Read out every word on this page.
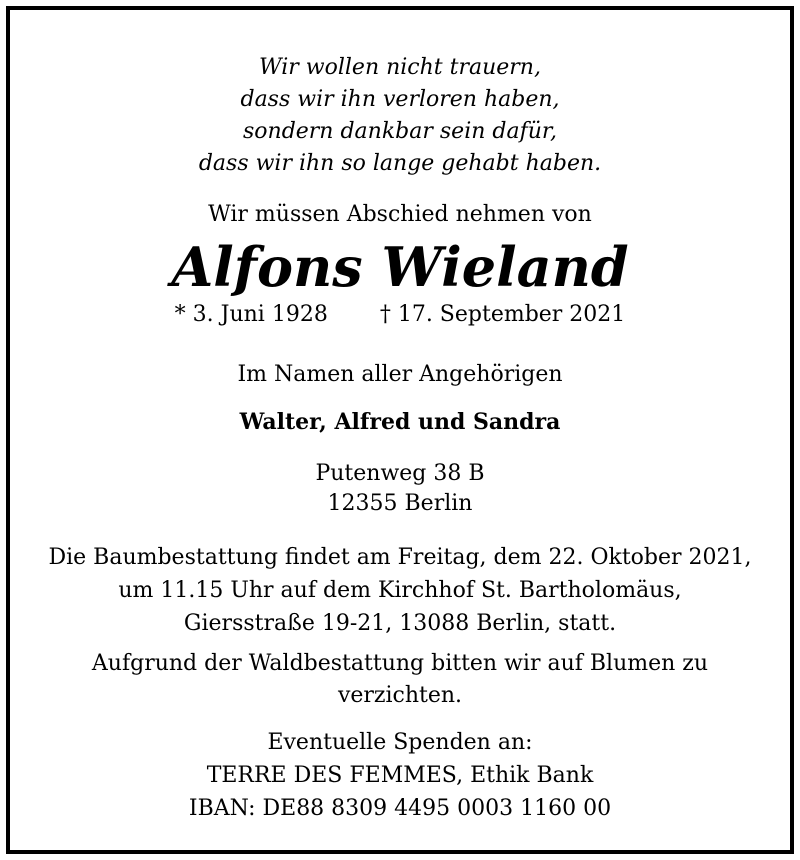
Wir wollen nicht trauern,
dass wir ihn verloren haben,
sondern dankbar sein dafür,
dass wir ihn so lange gehabt haben.
Wir müssen Abschied nehmen von
Alfons Wieland
* 3. Juni 1928 † 17. September 2021
Im Namen aller Angehörigen
Walter, Alfred und Sandra
Putenweg 38 B
12355 Berlin
Die Baumbestattung findet am Freitag, dem 22. Oktober 2021,
um 11.15 Uhr auf dem Kirchhof St. Bartholomäus,
Giersstraße 19-21, 13088 Berlin, statt.
Aufgrund der Waldbestattung bitten wir auf Blumen zu
verzichten.
Eventuelle Spenden an:
TERRE DES FEMMES, Ethik Bank
IBAN: DE88 8309 4495 0003 1160 00
